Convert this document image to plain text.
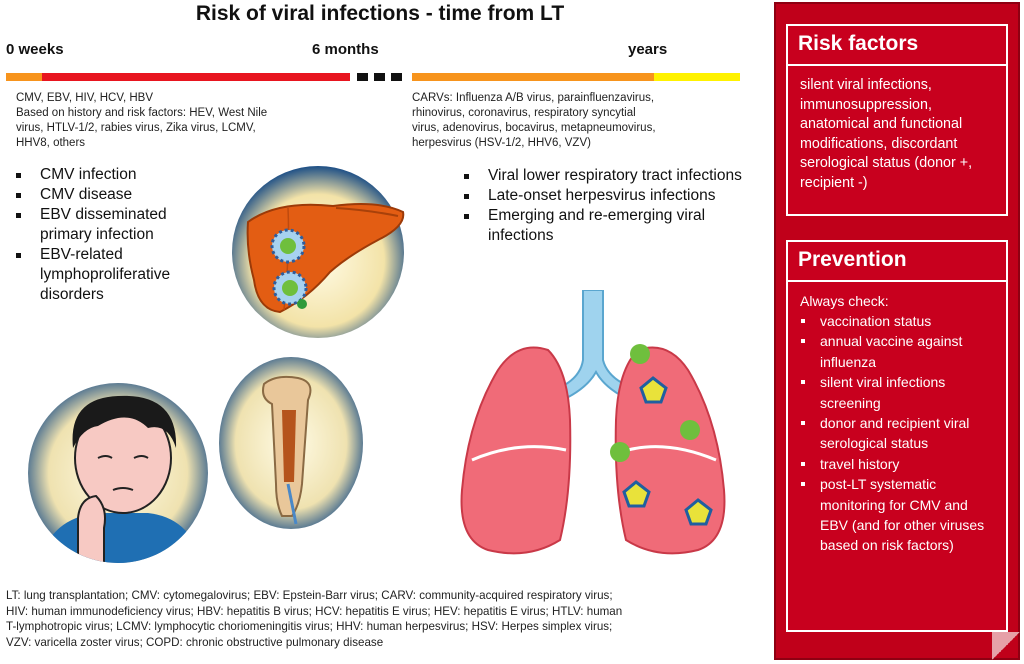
Risk of viral infections - time from LT
0 weeks	6 months	years
CMV, EBV, HIV, HCV, HBV
Based on history and risk factors: HEV, West Nile
virus, HTLV-1/2, rabies virus, Zika virus, LCMV,
HHV8, others
CMV infection
CMV disease
EBV disseminated primary infection
EBV-related lymphoproliferative disorders
CARVs: Influenza A/B virus, parainfluenzavirus,
rhinovirus, coronavirus, respiratory syncytial
virus, adenovirus, bocavirus, metapneumovirus,
herpesvirus (HSV-1/2, HHV6, VZV)
Viral lower respiratory tract infections
Late-onset herpesvirus infections
Emerging and re-emerging viral infections
LT: lung transplantation; CMV: cytomegalovirus; EBV: Epstein-Barr virus; CARV: community-acquired respiratory virus;
HIV: human immunodeficiency virus; HBV: hepatitis B virus; HCV: hepatitis E virus; HEV: hepatitis E virus; HTLV: human
T-lymphotropic virus; LCMV: lymphocytic choriomeningitis virus; HHV: human herpesvirus; HSV: Herpes simplex virus;
VZV: varicella zoster virus; COPD: chronic obstructive pulmonary disease
Risk factors
silent viral infections, immunosuppression, anatomical and functional modifications, discordant serological status (donor +, recipient -)
Prevention
Always check:
vaccination status
annual vaccine against influenza
silent viral infections screening
donor and recipient viral serological status
travel history
post-LT systematic monitoring for CMV and EBV (and for other viruses based on risk factors)
